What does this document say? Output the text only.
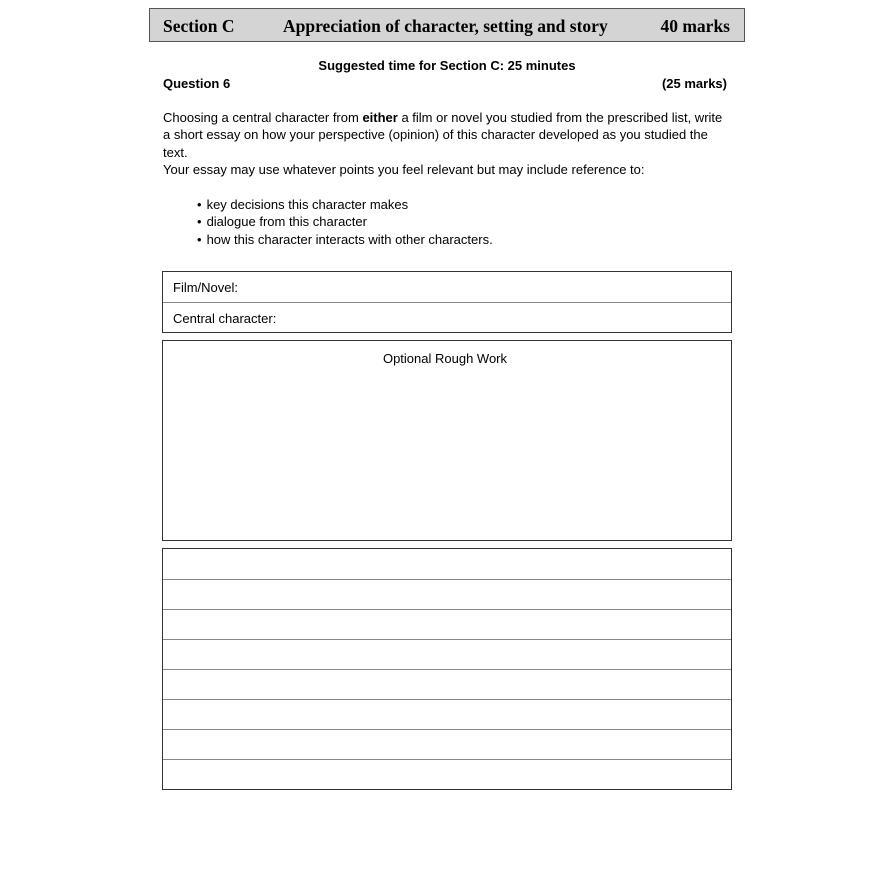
Section C	Appreciation of character, setting and story	40 marks
Suggested time for Section C: 25 minutes
Question 6	(25 marks)

Choosing a central character from either a film or novel you studied from the prescribed list, write a short essay on how your perspective (opinion) of this character developed as you studied the text.

Your essay may use whatever points you feel relevant but may include reference to:

• key decisions this character makes
• dialogue from this character
• how this character interacts with other characters.
Film/Novel:
Central character:
Optional Rough Work
